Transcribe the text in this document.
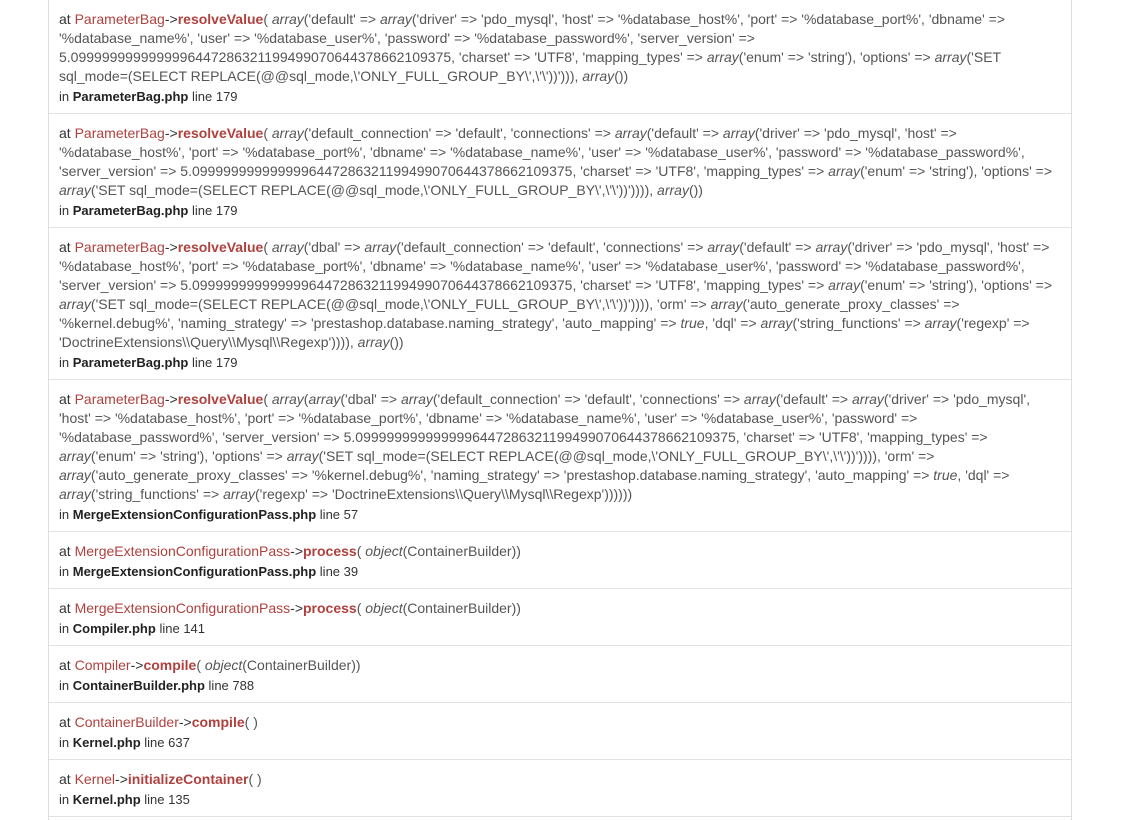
at ParameterBag->resolveValue( array('default' => array('driver' => 'pdo_mysql', 'host' => '%database_host%', 'port' => '%database_port%', 'dbname' => '%database_name%', 'user' => '%database_user%', 'password' => '%database_password%', 'server_version' => 5.0999999999999996447286321199499070644378662109375, 'charset' => 'UTF8', 'mapping_types' => array('enum' => 'string'), 'options' => array('SET sql_mode=(SELECT REPLACE(@@sql_mode,\'ONLY_FULL_GROUP_BY\',\'\'))'))), array())
in ParameterBag.php line 179
at ParameterBag->resolveValue( array('default_connection' => 'default', 'connections' => array('default' => array('driver' => 'pdo_mysql', 'host' => '%database_host%', 'port' => '%database_port%', 'dbname' => '%database_name%', 'user' => '%database_user%', 'password' => '%database_password%', 'server_version' => 5.0999999999999996447286321199499070644378662109375, 'charset' => 'UTF8', 'mapping_types' => array('enum' => 'string'), 'options' => array('SET sql_mode=(SELECT REPLACE(@@sql_mode,\'ONLY_FULL_GROUP_BY\',\'\'))')))), array())
in ParameterBag.php line 179
at ParameterBag->resolveValue( array('dbal' => array('default_connection' => 'default', 'connections' => array('default' => array('driver' => 'pdo_mysql', 'host' => '%database_host%', 'port' => '%database_port%', 'dbname' => '%database_name%', 'user' => '%database_user%', 'password' => '%database_password%', 'server_version' => 5.0999999999999996447286321199499070644378662109375, 'charset' => 'UTF8', 'mapping_types' => array('enum' => 'string'), 'options' => array('SET sql_mode=(SELECT REPLACE(@@sql_mode,\'ONLY_FULL_GROUP_BY\',\'\'))')))), 'orm' => array('auto_generate_proxy_classes' => '%kernel.debug%', 'naming_strategy' => 'prestashop.database.naming_strategy', 'auto_mapping' => true, 'dql' => array('string_functions' => array('regexp' => 'DoctrineExtensions\\Query\\Mysql\\Regexp')))), array())
in ParameterBag.php line 179
at ParameterBag->resolveValue( array(array('dbal' => array('default_connection' => 'default', 'connections' => array('default' => array('driver' => 'pdo_mysql', 'host' => '%database_host%', 'port' => '%database_port%', 'dbname' => '%database_name%', 'user' => '%database_user%', 'password' => '%database_password%', 'server_version' => 5.0999999999999996447286321199499070644378662109375, 'charset' => 'UTF8', 'mapping_types' => array('enum' => 'string'), 'options' => array('SET sql_mode=(SELECT REPLACE(@@sql_mode,\'ONLY_FULL_GROUP_BY\',\'\'))')))), 'orm' => array('auto_generate_proxy_classes' => '%kernel.debug%', 'naming_strategy' => 'prestashop.database.naming_strategy', 'auto_mapping' => true, 'dql' => array('string_functions' => array('regexp' => 'DoctrineExtensions\\Query\\Mysql\\Regexp'))))))
in MergeExtensionConfigurationPass.php line 57
at MergeExtensionConfigurationPass->process( object(ContainerBuilder))
in MergeExtensionConfigurationPass.php line 39
at MergeExtensionConfigurationPass->process( object(ContainerBuilder))
in Compiler.php line 141
at Compiler->compile( object(ContainerBuilder))
in ContainerBuilder.php line 788
at ContainerBuilder->compile( )
in Kernel.php line 637
at Kernel->initializeContainer( )
in Kernel.php line 135
